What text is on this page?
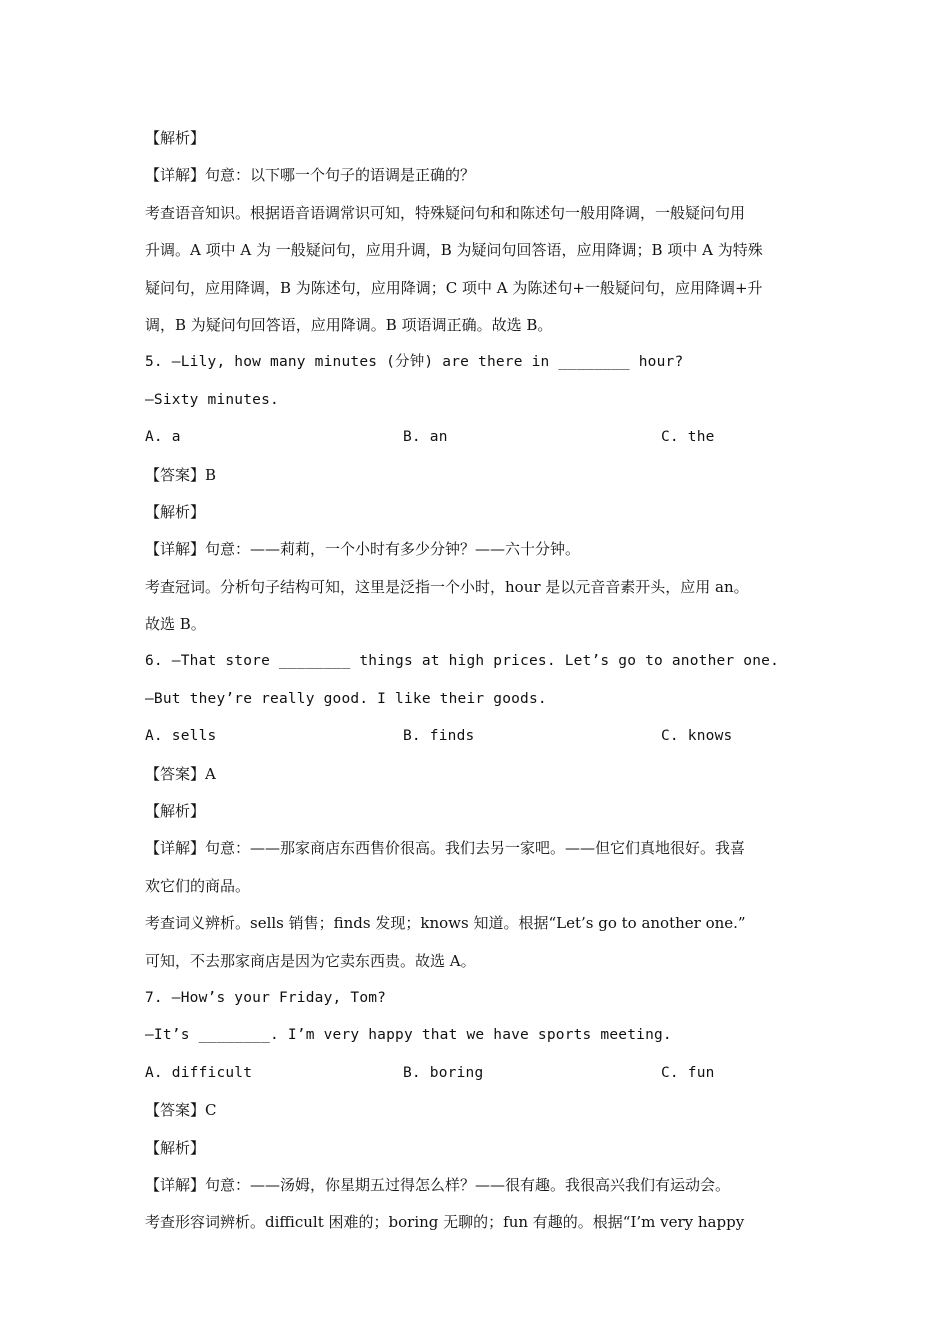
【解析】
【详解】句意：以下哪一个句子的语调是正确的？
考查语音知识。根据语音语调常识可知，特殊疑问句和和陈述句一般用降调，一般疑问句用
升调。A 项中 A 为 一般疑问句，应用升调，B 为疑问句回答语，应用降调；B 项中 A 为特殊
疑问句，应用降调，B 为陈述句，应用降调；C 项中 A 为陈述句+一般疑问句，应用降调+升
调，B 为疑问句回答语，应用降调。B 项语调正确。故选 B。
5. —Lily, how many minutes (分钟) are there in ________ hour?
—Sixty minutes.
A. a	B. an	C. the
【答案】B
【解析】
【详解】句意：——莉莉，一个小时有多少分钟？——六十分钟。
考查冠词。分析句子结构可知，这里是泛指一个小时，hour 是以元音音素开头，应用 an。
故选 B。
6. —That store ________ things at high prices. Let’s go to another one.
—But they’re really good. I like their goods.
A. sells	B. finds	C. knows
【答案】A
【解析】
【详解】句意：——那家商店东西售价很高。我们去另一家吧。——但它们真地很好。我喜
欢它们的商品。
考查词义辨析。sells 销售；finds 发现；knows 知道。根据“Let’s go to another one.”
可知，不去那家商店是因为它卖东西贵。故选 A。
7. —How’s your Friday, Tom?
—It’s ________. I’m very happy that we have sports meeting.
A. difficult	B. boring	C. fun
【答案】C
【解析】
【详解】句意：——汤姆，你星期五过得怎么样？——很有趣。我很高兴我们有运动会。
考查形容词辨析。difficult 困难的；boring 无聊的；fun 有趣的。根据“I’m very happy
